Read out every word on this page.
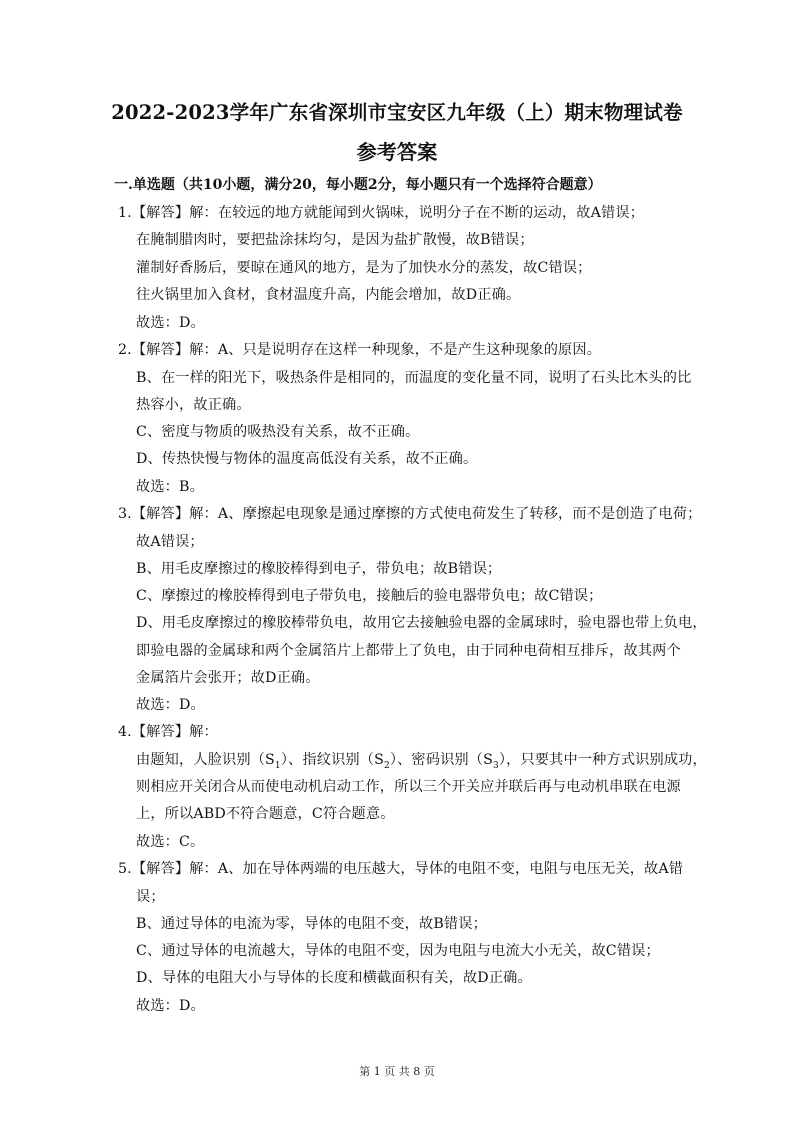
2022-2023学年广东省深圳市宝安区九年级（上）期末物理试卷
参考答案
一.单选题（共10小题，满分20，每小题2分，每小题只有一个选择符合题意）
1.【解答】解：在较远的地方就能闻到火锅味，说明分子在不断的运动，故A错误；
在腌制腊肉时，要把盐涂抹均匀，是因为盐扩散慢，故B错误；
灌制好香肠后，要晾在通风的地方，是为了加快水分的蒸发，故C错误；
往火锅里加入食材，食材温度升高，内能会增加，故D正确。
故选：D。
2.【解答】解：A、只是说明存在这样一种现象，不是产生这种现象的原因。
B、在一样的阳光下，吸热条件是相同的，而温度的变化量不同，说明了石头比木头的比
热容小，故正确。
C、密度与物质的吸热没有关系，故不正确。
D、传热快慢与物体的温度高低没有关系，故不正确。
故选：B。
3.【解答】解：A、摩擦起电现象是通过摩擦的方式使电荷发生了转移，而不是创造了电荷；
故A错误；
B、用毛皮摩擦过的橡胶棒得到电子，带负电；故B错误；
C、摩擦过的橡胶棒得到电子带负电，接触后的验电器带负电；故C错误；
D、用毛皮摩擦过的橡胶棒带负电，故用它去接触验电器的金属球时，验电器也带上负电，
即验电器的金属球和两个金属箔片上都带上了负电，由于同种电荷相互排斥，故其两个
金属箔片会张开；故D正确。
故选：D。
4.【解答】解：
由题知，人脸识别$(S_1)$、指纹识别$(S_2)$、密码识别$(S_3)$，只要其中一种方式识别成功，
则相应开关闭合从而使电动机启动工作，所以三个开关应并联后再与电动机串联在电源
上，所以ABD不符合题意，C符合题意。
故选：C。
5.【解答】解：A、加在导体两端的电压越大，导体的电阻不变，电阻与电压无关，故A错
误；
B、通过导体的电流为零，导体的电阻不变，故B错误；
C、通过导体的电流越大，导体的电阻不变，因为电阻与电流大小无关，故C错误；
D、导体的电阻大小与导体的长度和横截面积有关，故D正确。
故选：D。
第 1 页 共 8 页
